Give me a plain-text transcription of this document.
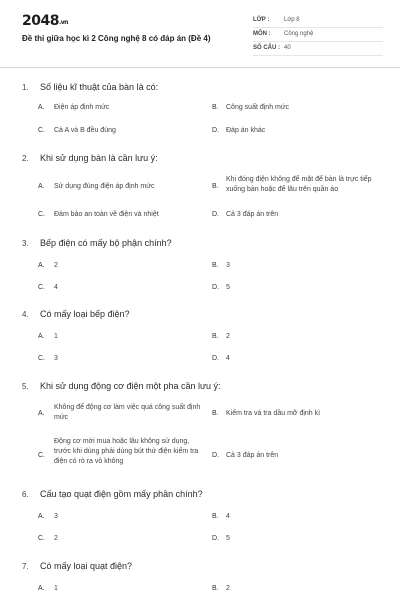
2048.vn
Đề thi giữa học kì 2 Công nghệ 8 có đáp án (Đề 4)
LỚP : Lớp 8
MÔN : Công nghệ
SỐ CÂU : 40
1. Số liệu kĩ thuật của bàn là có:
A. Điện áp định mức	B. Công suất định mức
C. Cả A và B đều đúng	D. Đáp án khác
2. Khi sử dụng bàn là cần lưu ý:
A. Sử dụng đúng điện áp định mức	B.
Khi đóng điện không để mặt đế bàn là trực tiếp xuống bàn hoặc để lâu trên quần áo
C. Đảm bảo an toàn về điện và nhiệt	D. Cả 3 đáp án trên
3. Bếp điện có mấy bộ phận chính?
A. 2	B. 3
C. 4	D. 5
4. Có mấy loại bếp điện?
A. 1	B. 2
C. 3	D. 4
5. Khi sử dụng động cơ điện một pha cần lưu ý:
A.
Không để động cơ làm việc quá công suất định mức
B. Kiểm tra và tra dầu mỡ định kì
C.
Động cơ mới mua hoặc lâu không sử dụng, trước khi dùng phải dùng bút thử điện kiểm tra điện có rò ra vỏ không
D. Cả 3 đáp án trên
6. Cấu tạo quạt điện gồm mấy phần chính?
A. 3	B. 4
C. 2	D. 5
7. Có mấy loại quạt điện?
A. 1	B. 2
